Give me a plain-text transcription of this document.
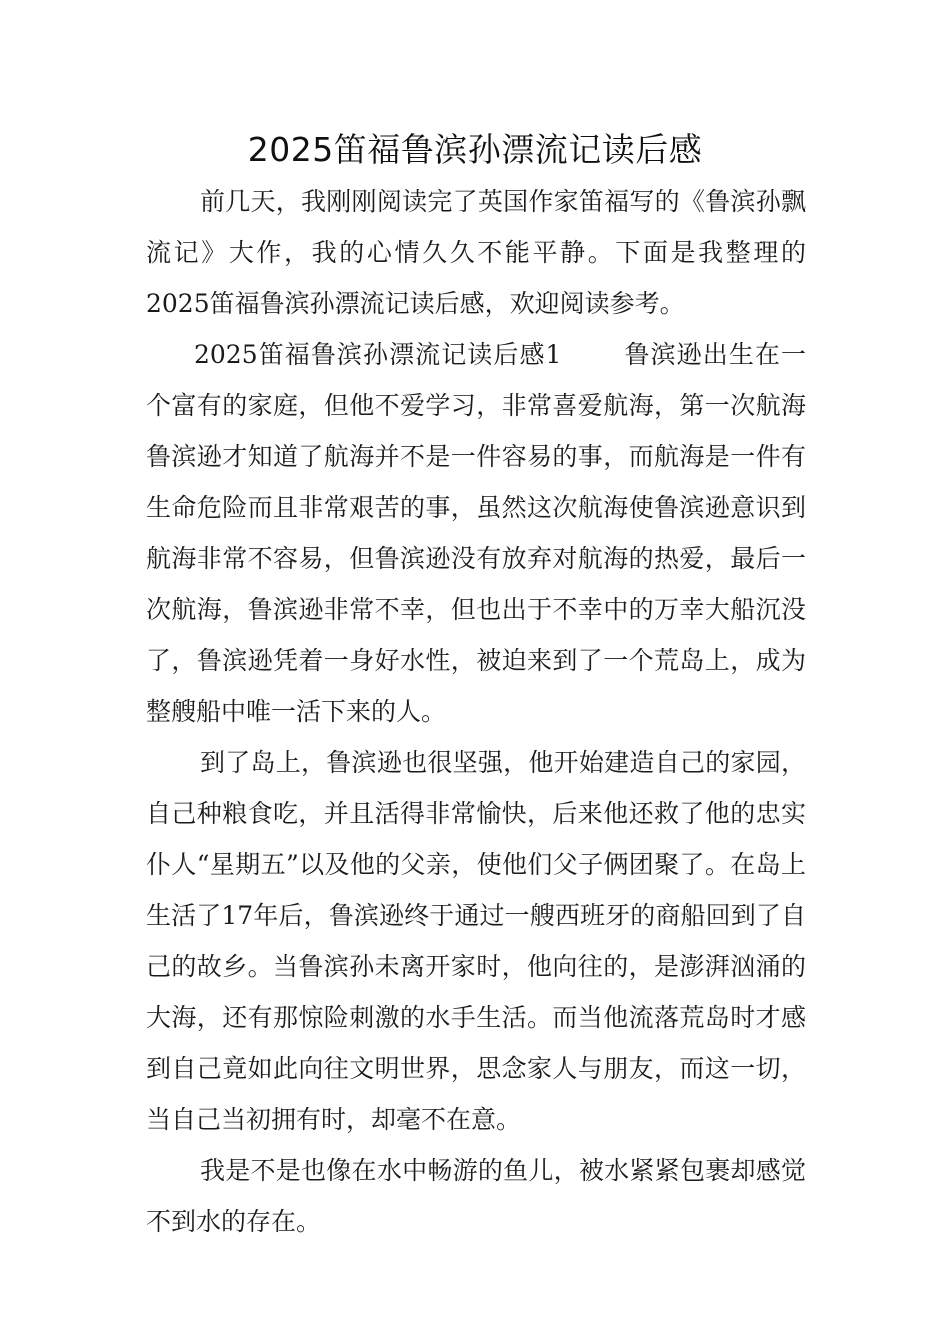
2025笛福鲁滨孙漂流记读后感

前几天，我刚刚阅读完了英国作家笛福写的《鲁滨孙飘流记》大作，我的心情久久不能平静。下面是我整理的2025笛福鲁滨孙漂流记读后感，欢迎阅读参考。

2025笛福鲁滨孙漂流记读后感1 鲁滨逊出生在一个富有的家庭，但他不爱学习，非常喜爱航海，第一次航海鲁滨逊才知道了航海并不是一件容易的事，而航海是一件有生命危险而且非常艰苦的事，虽然这次航海使鲁滨逊意识到航海非常不容易，但鲁滨逊没有放弃对航海的热爱，最后一次航海，鲁滨逊非常不幸，但也出于不幸中的万幸大船沉没了，鲁滨逊凭着一身好水性，被迫来到了一个荒岛上，成为整艘船中唯一活下来的人。

到了岛上，鲁滨逊也很坚强，他开始建造自己的家园，自己种粮食吃，并且活得非常愉快，后来他还救了他的忠实仆人“星期五”以及他的父亲，使他们父子俩团聚了。在岛上生活了17年后，鲁滨逊终于通过一艘西班牙的商船回到了自己的故乡。当鲁滨孙未离开家时，他向往的，是澎湃汹涌的大海，还有那惊险刺激的水手生活。而当他流落荒岛时才感到自己竟如此向往文明世界，思念家人与朋友，而这一切，当自己当初拥有时，却毫不在意。

我是不是也像在水中畅游的鱼儿，被水紧紧包裹却感觉不到水的存在。
